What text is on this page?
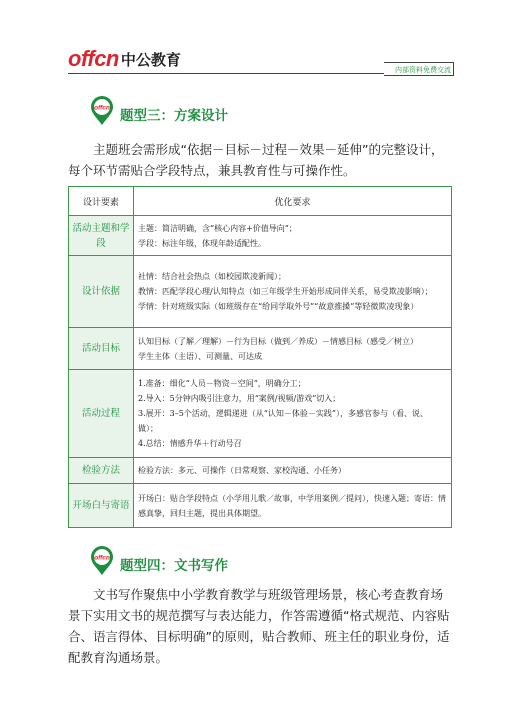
offcn 中公教育
内部资料免费交流
offcn 题型三：方案设计

主题班会需形成“依据－目标－过程－效果－延伸”的完整设计，每个环节需贴合学段特点，兼具教育性与可操作性。

设计要素	优化要求
活动主题和学段	主题：简洁明确，含“核心内容+价值导向”；
学段：标注年级，体现年龄适配性。

设计依据	社情：结合社会热点（如校园欺凌新闻）；
教情：匹配学段心理/认知特点（如三年级学生开始形成同伴关系，易受欺凌影响）；
学情：针对班级实际（如班级存在“给同学取外号”“故意推搡”等轻微欺凌现象）

活动目标	认知目标（了解／理解）－行为目标（做到／养成）－情感目标（感受／树立）
学生主体（主语）、可测量、可达成

活动过程	1.准备：细化“人员－物资－空间”，明确分工；
2.导入：5分钟内吸引注意力，用“案例/视频/游戏”切入；
3.展开：3–5个活动，逻辑递进（从“认知－体验－实践”），多感官参与（看、说、做）；
4.总结：情感升华＋行动号召

检验方法	检验方法：多元、可操作（日常观察、家校沟通、小任务）

开场白与寄语	开场白：贴合学段特点（小学用儿歌／故事，中学用案例／提问），快速入题；寄语：情感真挚，回归主题，提出具体期望。
offcn 题型四：文书写作

文书写作聚焦中小学教育教学与班级管理场景，核心考查教育场景下实用文书的规范撰写与表达能力，作答需遵循“格式规范、内容贴合、语言得体、目标明确”的原则，贴合教师、班主任的职业身份，适配教育沟通场景。
